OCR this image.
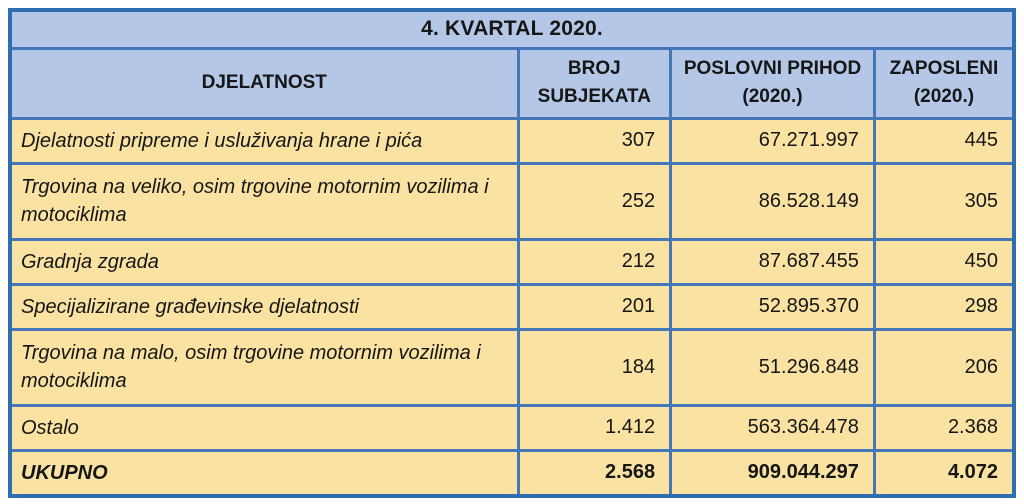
4. KVARTAL 2020.			
DJELATNOST	BROJ SUBJEKATA	POSLOVNI PRIHOD (2020.)	ZAPOSLENI (2020.)
Djelatnosti pripreme i usluživanja hrane i pića	307	67.271.997	445
Trgovina na veliko, osim trgovine motornim vozilima i motociklima	252	86.528.149	305
Gradnja zgrada	212	87.687.455	450
Specijalizirane građevinske djelatnosti	201	52.895.370	298
Trgovina na malo, osim trgovine motornim vozilima i motociklima	184	51.296.848	206
Ostalo	1.412	563.364.478	2.368
UKUPNO	2.568	909.044.297	4.072
